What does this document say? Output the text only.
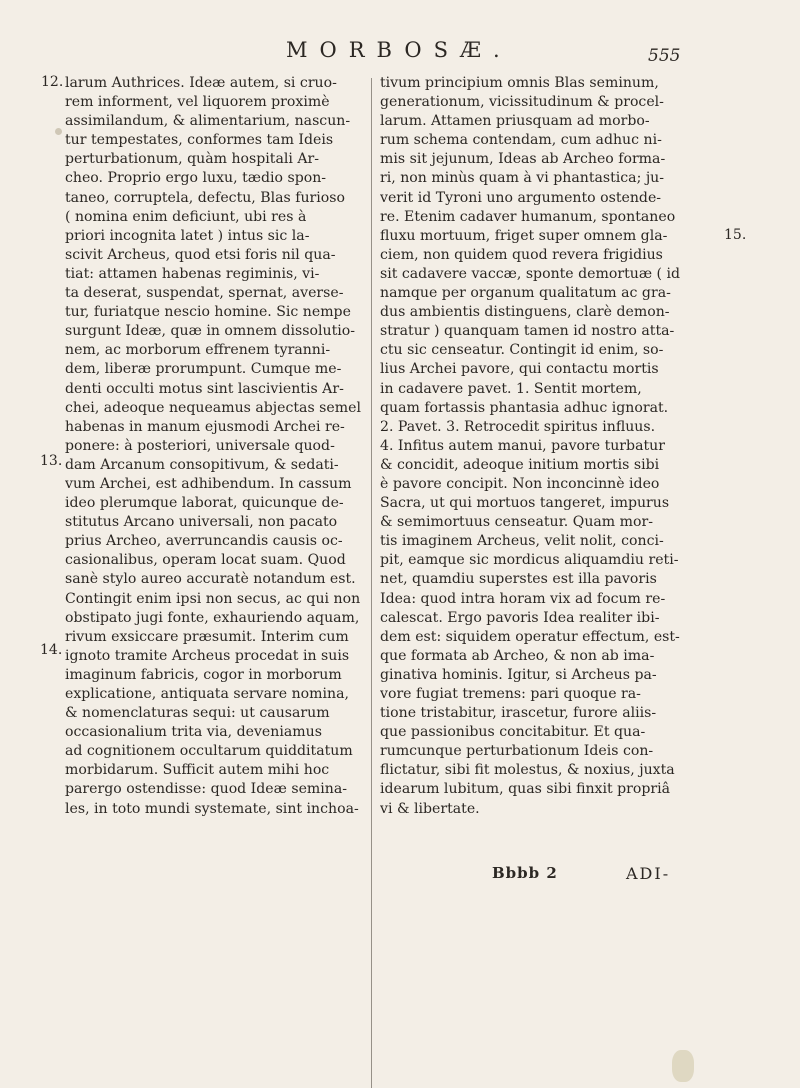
MORBOSÆ.	555
12.
13.
14.
15.
larum Authrices. Ideæ autem, si cruo-
rem informent, vel liquorem proximè
assimilandum, & alimentarium, nascun-
tur tempestates, conformes tam Ideis
perturbationum, quàm hospitali Ar-
cheo. Proprio ergo luxu, tædio spon-
taneo, corruptela, defectu, Blas furioso
( nomina enim deficiunt, ubi res à
priori incognita latet ) intus sic la-
scivit Archeus, quod etsi foris nil qua-
tiat: attamen habenas regiminis, vi-
ta deserat, suspendat, spernat, averse-
tur, furiatque nescio homine. Sic nempe
surgunt Ideæ, quæ in omnem dissolutio-
nem, ac morborum effrenem tyranni-
dem, liberæ prorumpunt. Cumque me-
denti occulti motus sint lascivientis Ar-
chei, adeoque nequeamus abjectas semel
habenas in manum ejusmodi Archei re-
ponere: à posteriori, universale quod-
dam Arcanum consopitivum, & sedati-
vum Archei, est adhibendum. In cassum
ideo plerumque laborat, quicunque de-
stitutus Arcano universali, non pacato
prius Archeo, averruncandis causis oc-
casionalibus, operam locat suam. Quod
sanè stylo aureo accuratè notandum est.
Contingit enim ipsi non secus, ac qui non
obstipato jugi fonte, exhauriendo aquam,
rivum exsiccare præsumit. Interim cum
ignoto tramite Archeus procedat in suis
imaginum fabricis, cogor in morborum
explicatione, antiquata servare nomina,
& nomenclaturas sequi: ut causarum
occasionalium trita via, deveniamus
ad cognitionem occultarum quidditatum
morbidarum. Sufficit autem mihi hoc
parergo ostendisse: quod Ideæ semina-
les, in toto mundi systemate, sint inchoa-
tivum principium omnis Blas seminum,
generationum, vicissitudinum & procel-
larum. Attamen priusquam ad morbo-
rum schema contendam, cum adhuc ni-
mis sit jejunum, Ideas ab Archeo forma-
ri, non minùs quam à vi phantastica; ju-
verit id Tyroni uno argumento ostende-
re. Etenim cadaver humanum, spontaneo
fluxu mortuum, friget super omnem gla-
ciem, non quidem quod revera frigidius
sit cadavere vaccæ, sponte demortuæ ( id
namque per organum qualitatum ac gra-
dus ambientis distinguens, clarè demon-
stratur ) quanquam tamen id nostro atta-
ctu sic censeatur. Contingit id enim, so-
lius Archei pavore, qui contactu mortis
in cadavere pavet. 1. Sentit mortem,
quam fortassis phantasia adhuc ignorat.
2. Pavet. 3. Retrocedit spiritus influus.
4. Infitus autem manui, pavore turbatur
& concidit, adeoque initium mortis sibi
è pavore concipit. Non inconcinnè ideo
Sacra, ut qui mortuos tangeret, impurus
& semimortuus censeatur. Quam mor-
tis imaginem Archeus, velit nolit, conci-
pit, eamque sic mordicus aliquamdiu reti-
net, quamdiu superstes est illa pavoris
Idea: quod intra horam vix ad focum re-
calescat. Ergo pavoris Idea realiter ibi-
dem est: siquidem operatur effectum, est-
que formata ab Archeo, & non ab ima-
ginativa hominis. Igitur, si Archeus pa-
vore fugiat tremens: pari quoque ra-
tione tristabitur, irascetur, furore aliis-
que passionibus concitabitur. Et qua-
rumcunque perturbationum Ideis con-
flictatur, sibi fit molestus, & noxius, juxta
idearum lubitum, quas sibi finxit propriâ
vi & libertate.
Bbbb 2	ADI-
